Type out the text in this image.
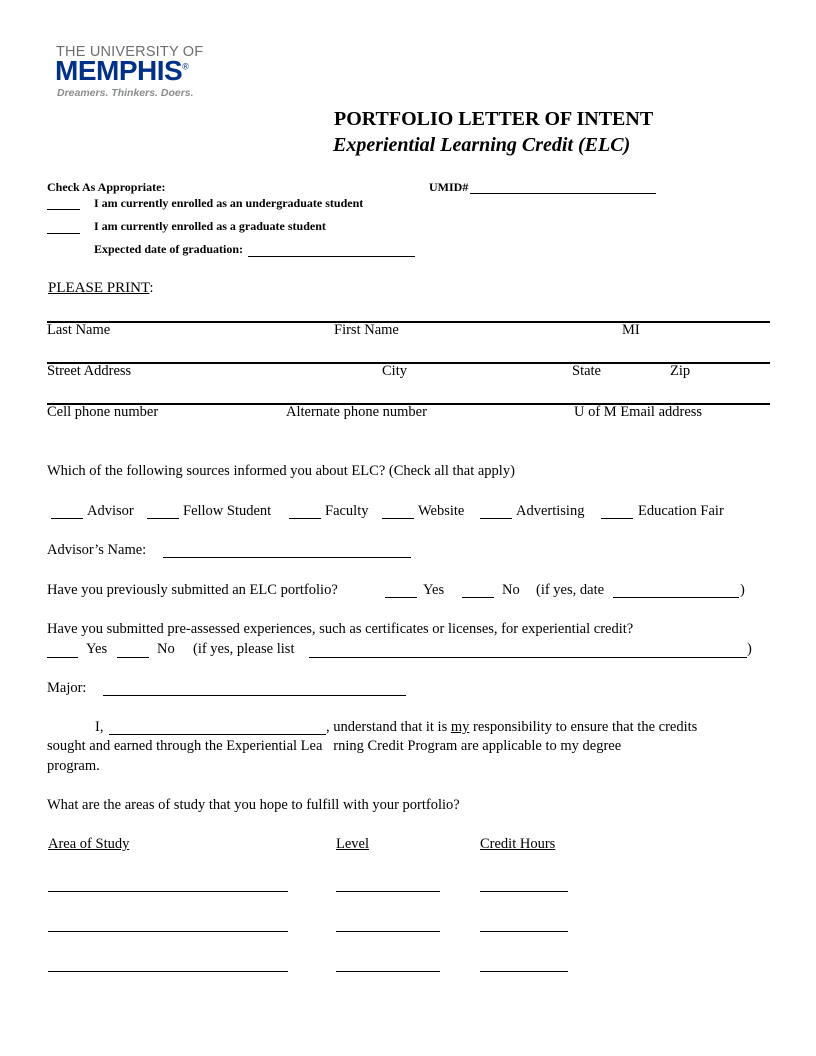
THE UNIVERSITY OF
MEMPHIS®
Dreamers. Thinkers. Doers.
PORTFOLIO LETTER OF INTENT
Experiential Learning Credit (ELC)
Check As Appropriate:	UMID#
I am currently enrolled as an undergraduate student
I am currently enrolled as a graduate student
Expected date of graduation:
PLEASE PRINT:
Last Name	First Name	MI
Street Address	City	State	Zip
Cell phone number	Alternate phone number	U of M Email address
Which of the following sources informed you about ELC? (Check all that apply)
Advisor	Fellow Student	Faculty	Website	Advertising	Education Fair
Advisor’s Name:
Have you previously submitted an ELC portfolio?	Yes	No (if yes, date	)
Have you submitted pre-assessed experiences, such as certificates or licenses, for experiential credit?
Yes	No (if yes, please list	)
Major:
I,	, understand that it is my responsibility to ensure that the credits
sought and earned through the Experiential Lea   rning Credit Program are applicable to my degree
program.
What are the areas of study that you hope to fulfill with your portfolio?
Area of Study	Level	Credit Hours
